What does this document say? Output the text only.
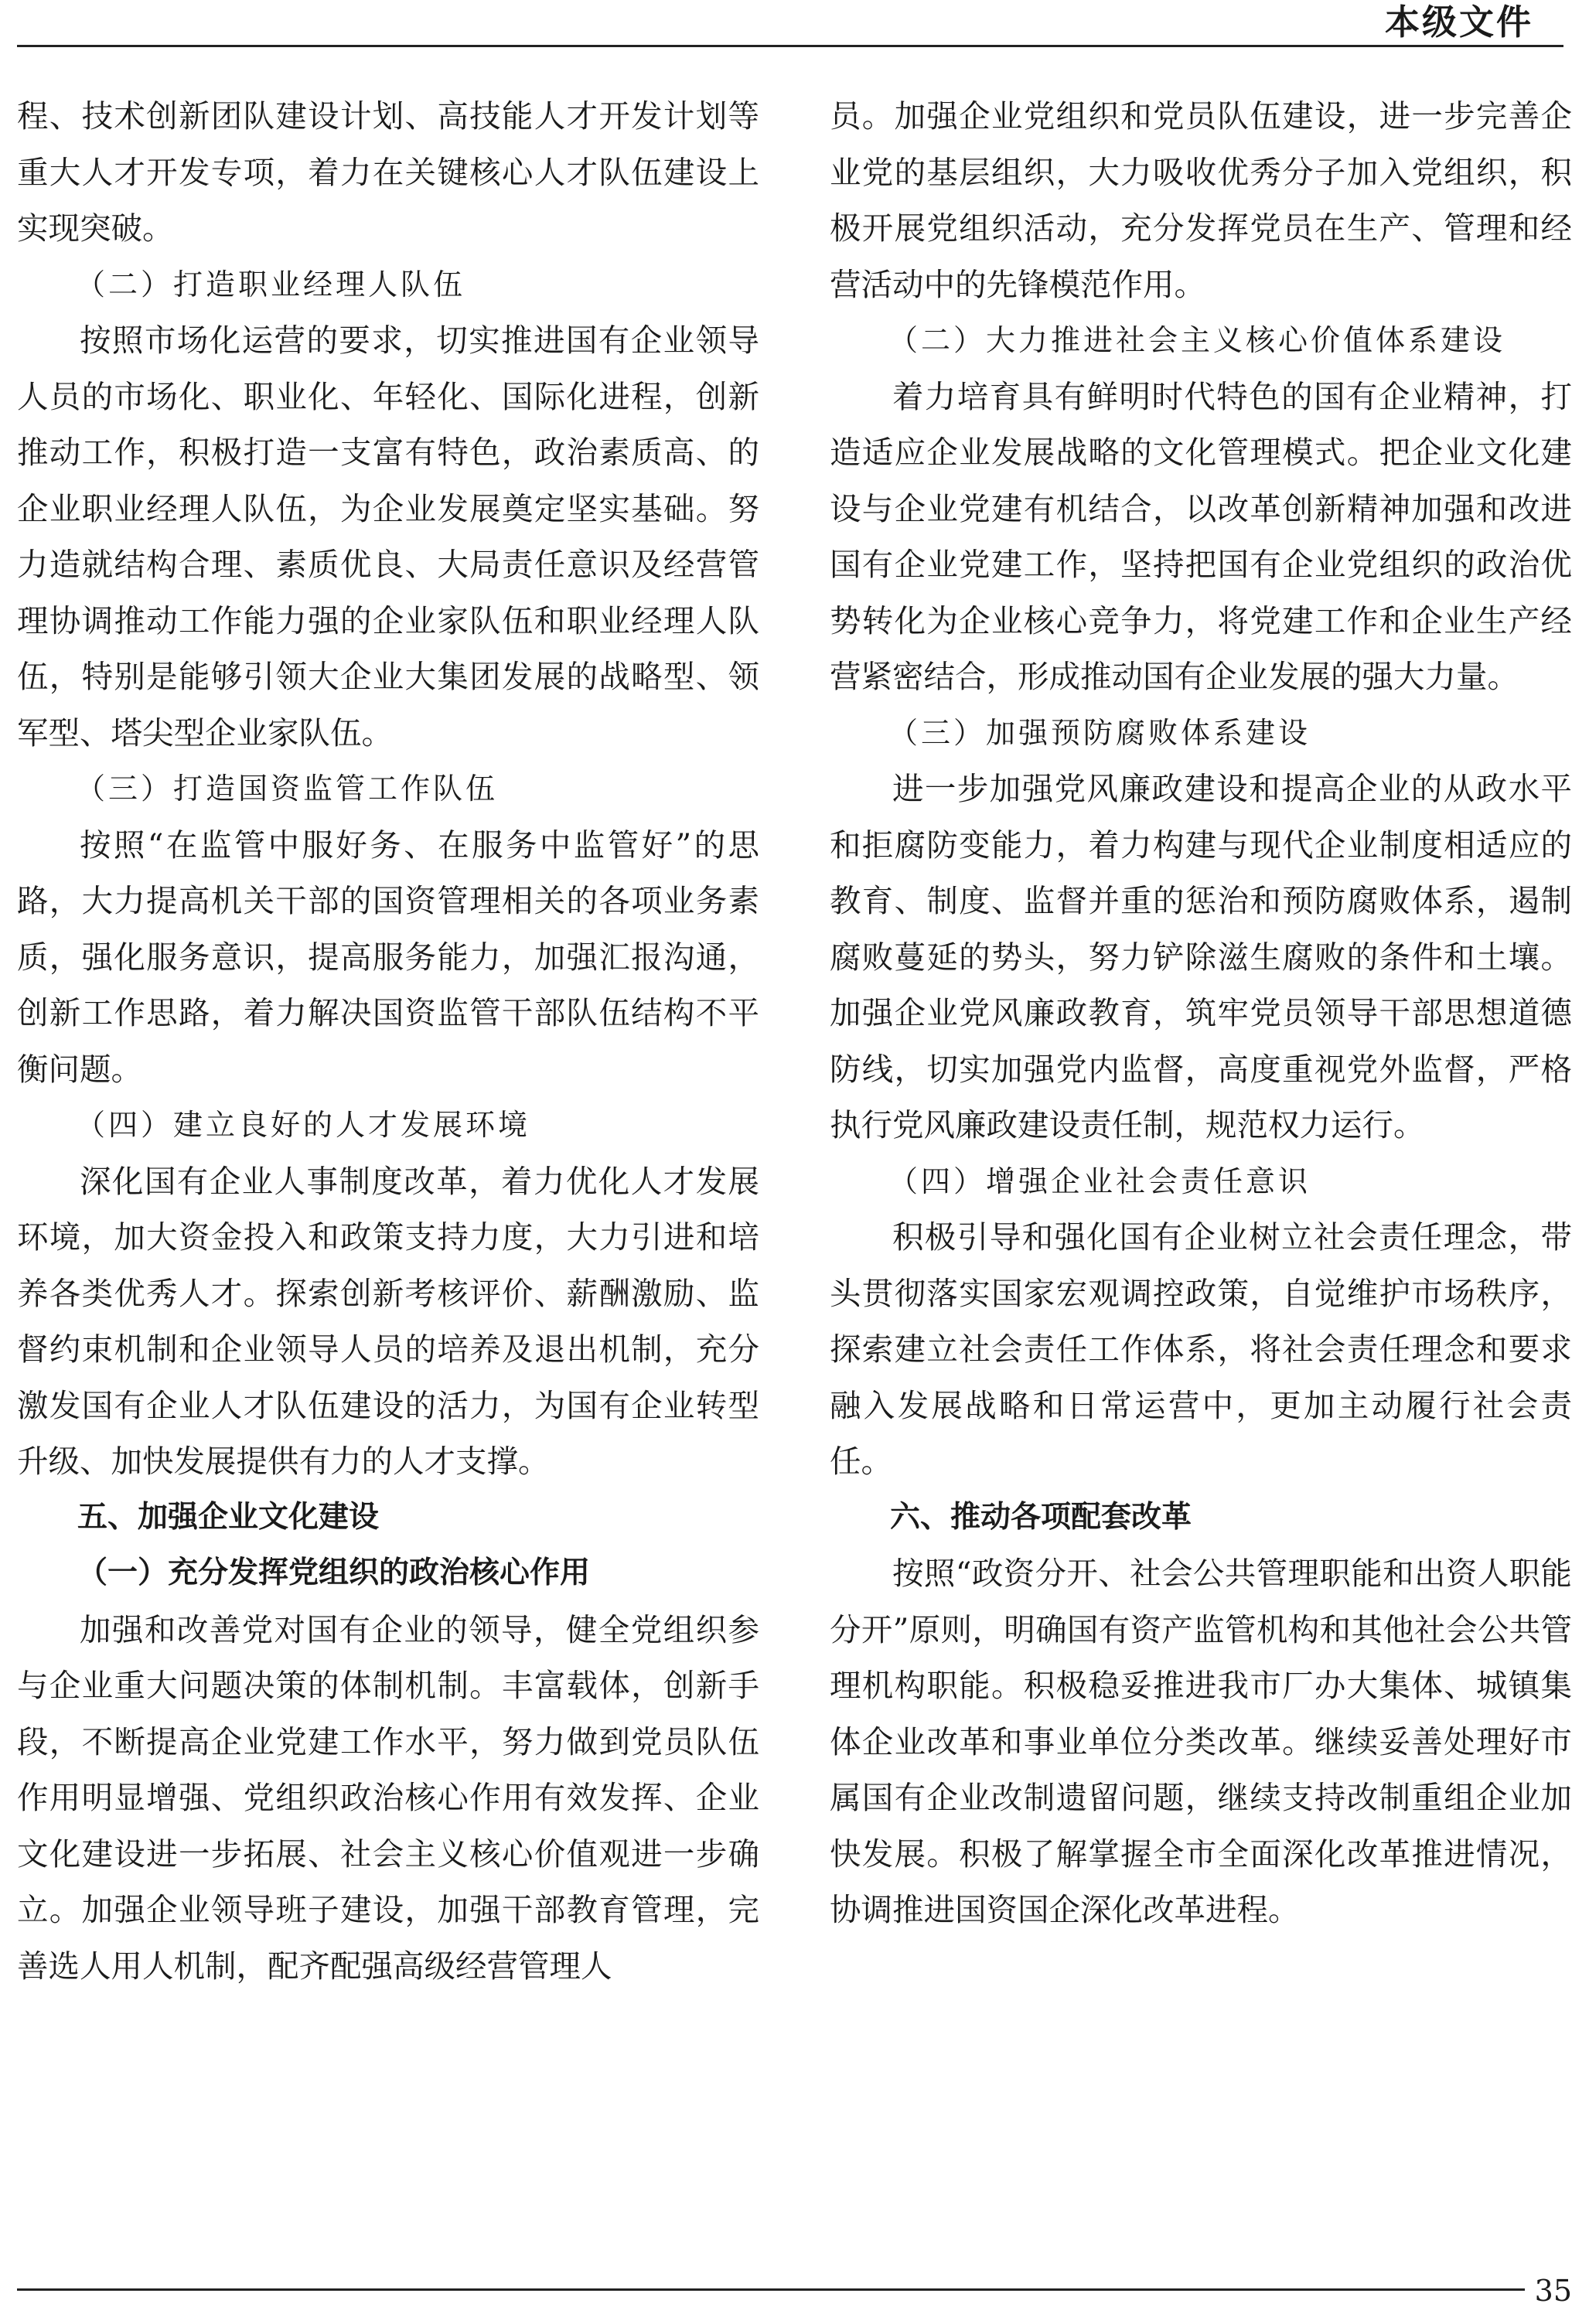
本级文件

程、技术创新团队建设计划、高技能人才开发计划等重大人才开发专项，着力在关键核心人才队伍建设上实现突破。

（二）打造职业经理人队伍

按照市场化运营的要求，切实推进国有企业领导人员的市场化、职业化、年轻化、国际化进程，创新推动工作，积极打造一支富有特色，政治素质高、的企业职业经理人队伍，为企业发展奠定坚实基础。努力造就结构合理、素质优良、大局责任意识及经营管理协调推动工作能力强的企业家队伍和职业经理人队伍，特别是能够引领大企业大集团发展的战略型、领军型、塔尖型企业家队伍。

（三）打造国资监管工作队伍

按照“在监管中服好务、在服务中监管好”的思路，大力提高机关干部的国资管理相关的各项业务素质，强化服务意识，提高服务能力，加强汇报沟通，创新工作思路，着力解决国资监管干部队伍结构不平衡问题。

（四）建立良好的人才发展环境

深化国有企业人事制度改革，着力优化人才发展环境，加大资金投入和政策支持力度，大力引进和培养各类优秀人才。探索创新考核评价、薪酬激励、监督约束机制和企业领导人员的培养及退出机制，充分激发国有企业人才队伍建设的活力，为国有企业转型升级、加快发展提供有力的人才支撑。

五、加强企业文化建设

（一）充分发挥党组织的政治核心作用

加强和改善党对国有企业的领导，健全党组织参与企业重大问题决策的体制机制。丰富载体，创新手段，不断提高企业党建工作水平，努力做到党员队伍作用明显增强、党组织政治核心作用有效发挥、企业文化建设进一步拓展、社会主义核心价值观进一步确立。加强企业领导班子建设，加强干部教育管理，完善选人用人机制，配齐配强高级经营管理人

员。加强企业党组织和党员队伍建设，进一步完善企业党的基层组织，大力吸收优秀分子加入党组织，积极开展党组织活动，充分发挥党员在生产、管理和经营活动中的先锋模范作用。

（二）大力推进社会主义核心价值体系建设

着力培育具有鲜明时代特色的国有企业精神，打造适应企业发展战略的文化管理模式。把企业文化建设与企业党建有机结合，以改革创新精神加强和改进国有企业党建工作，坚持把国有企业党组织的政治优势转化为企业核心竞争力，将党建工作和企业生产经营紧密结合，形成推动国有企业发展的强大力量。

（三）加强预防腐败体系建设

进一步加强党风廉政建设和提高企业的从政水平和拒腐防变能力，着力构建与现代企业制度相适应的教育、制度、监督并重的惩治和预防腐败体系，遏制腐败蔓延的势头，努力铲除滋生腐败的条件和土壤。加强企业党风廉政教育，筑牢党员领导干部思想道德防线，切实加强党内监督，高度重视党外监督，严格执行党风廉政建设责任制，规范权力运行。

（四）增强企业社会责任意识

积极引导和强化国有企业树立社会责任理念，带头贯彻落实国家宏观调控政策，自觉维护市场秩序，探索建立社会责任工作体系，将社会责任理念和要求融入发展战略和日常运营中，更加主动履行社会责任。

六、推动各项配套改革

按照“政资分开、社会公共管理职能和出资人职能分开”原则，明确国有资产监管机构和其他社会公共管理机构职能。积极稳妥推进我市厂办大集体、城镇集体企业改革和事业单位分类改革。继续妥善处理好市属国有企业改制遗留问题，继续支持改制重组企业加快发展。积极了解掌握全市全面深化改革推进情况，协调推进国资国企深化改革进程。

35
